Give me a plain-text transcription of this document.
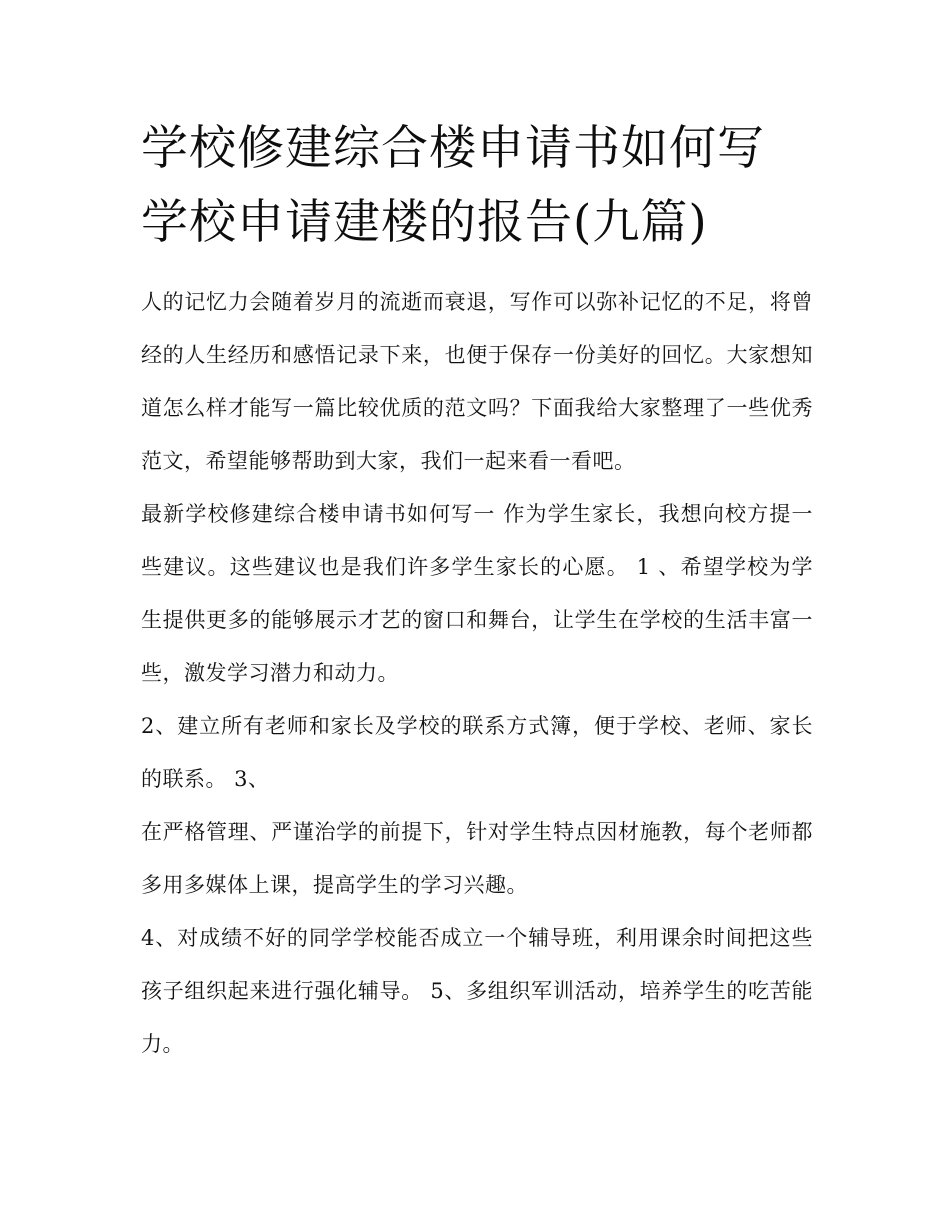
学校修建综合楼申请书如何写
学校申请建楼的报告(九篇)

人的记忆力会随着岁月的流逝而衰退，写作可以弥补记忆的不足，将曾经的人生经历和感悟记录下来，也便于保存一份美好的回忆。大家想知道怎么样才能写一篇比较优质的范文吗？下面我给大家整理了一些优秀范文，希望能够帮助到大家，我们一起来看一看吧。

最新学校修建综合楼申请书如何写一 作为学生家长，我想向校方提一些建议。这些建议也是我们许多学生家长的心愿。 1 、希望学校为学生提供更多的能够展示才艺的窗口和舞台，让学生在学校的生活丰富一些，激发学习潜力和动力。

2、建立所有老师和家长及学校的联系方式簿，便于学校、老师、家长的联系。 3、

在严格管理、严谨治学的前提下，针对学生特点因材施教，每个老师都多用多媒体上课，提高学生的学习兴趣。

4、对成绩不好的同学学校能否成立一个辅导班，利用课余时间把这些孩子组织起来进行强化辅导。 5、多组织军训活动，培养学生的吃苦能力。
